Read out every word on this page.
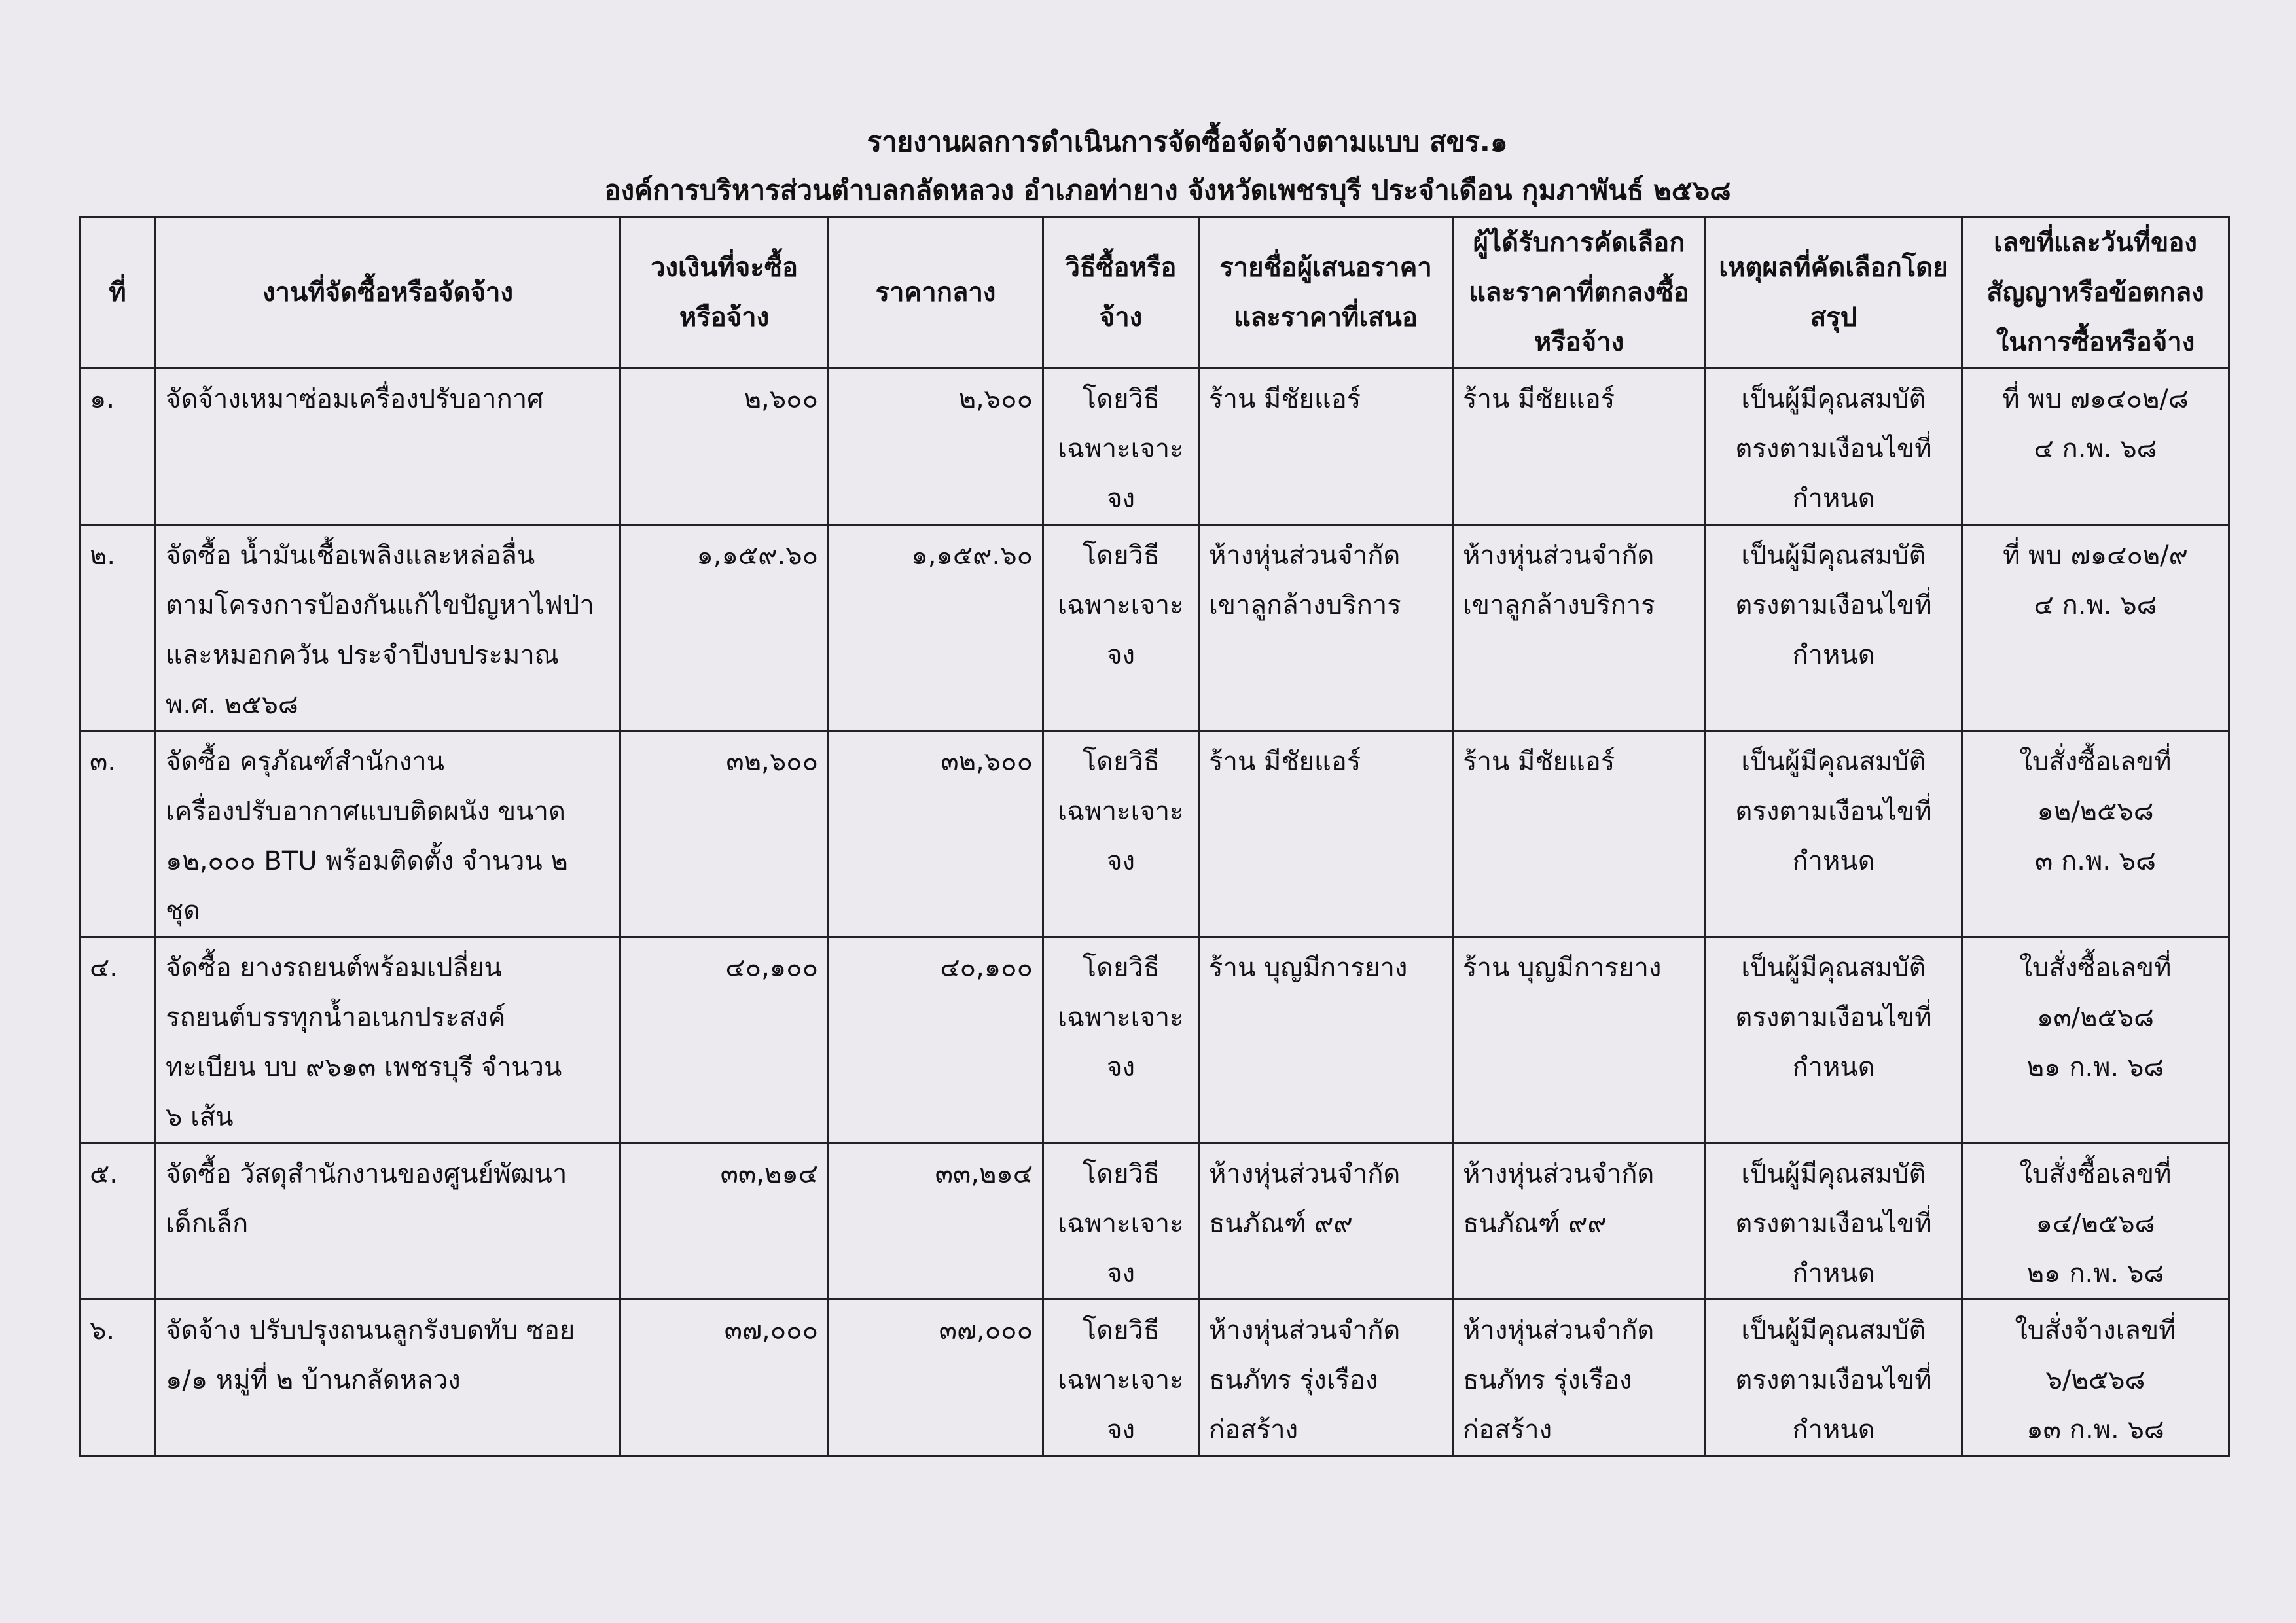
รายงานผลการดำเนินการจัดซื้อจัดจ้างตามแบบ สขร.๑
องค์การบริหารส่วนตำบลกลัดหลวง อำเภอท่ายาง จังหวัดเพชรบุรี ประจำเดือน กุมภาพันธ์ ๒๕๖๘
ที่	งานที่จัดซื้อหรือจัดจ้าง	วงเงินที่จะซื้อหรือจ้าง	ราคากลาง	วิธีซื้อหรือจ้าง	รายชื่อผู้เสนอราคาและราคาที่เสนอ	ผู้ได้รับการคัดเลือกและราคาที่ตกลงซื้อหรือจ้าง	เหตุผลที่คัดเลือกโดยสรุป	เลขที่และวันที่ของสัญญาหรือข้อตกลงในการซื้อหรือจ้าง
๑.	จัดจ้างเหมาซ่อมเครื่องปรับอากาศ	๒,๖๐๐	๒,๖๐๐	โดยวิธี
เฉพาะเจาะ
จง	ร้าน มีชัยแอร์	ร้าน มีชัยแอร์	เป็นผู้มีคุณสมบัติ
ตรงตามเงือนไขที่
กำหนด	ที่ พบ ๗๑๔๐๒/๘
๔ ก.พ. ๖๘

๒.	จัดซื้อ น้ำมันเชื้อเพลิงและหล่อลื่น
ตามโครงการป้องกันแก้ไขปัญหาไฟป่า
และหมอกควัน ประจำปีงบประมาณ
พ.ศ. ๒๕๖๘	๑,๑๕๙.๖๐	๑,๑๕๙.๖๐	โดยวิธี
เฉพาะเจาะ
จง	ห้างหุ่นส่วนจำกัด
เขาลูกล้างบริการ	ห้างหุ่นส่วนจำกัด
เขาลูกล้างบริการ	เป็นผู้มีคุณสมบัติ
ตรงตามเงือนไขที่
กำหนด	ที่ พบ ๗๑๔๐๒/๙
๔ ก.พ. ๖๘

๓.	จัดซื้อ ครุภัณฑ์สำนักงาน
เครื่องปรับอากาศแบบติดผนัง ขนาด
๑๒,๐๐๐ BTU พร้อมติดตั้ง จำนวน ๒
ชุด	๓๒,๖๐๐	๓๒,๖๐๐	โดยวิธี
เฉพาะเจาะ
จง	ร้าน มีชัยแอร์	ร้าน มีชัยแอร์	เป็นผู้มีคุณสมบัติ
ตรงตามเงือนไขที่
กำหนด	ใบสั่งซื้อเลขที่
๑๒/๒๕๖๘
๓ ก.พ. ๖๘

๔.	จัดซื้อ ยางรถยนต์พร้อมเปลี่ยน
รถยนต์บรรทุกน้ำอเนกประสงค์
ทะเบียน บบ ๙๖๑๓ เพชรบุรี จำนวน
๖ เส้น	๔๐,๑๐๐	๔๐,๑๐๐	โดยวิธี
เฉพาะเจาะ
จง	ร้าน บุญมีการยาง	ร้าน บุญมีการยาง	เป็นผู้มีคุณสมบัติ
ตรงตามเงือนไขที่
กำหนด	ใบสั่งซื้อเลขที่
๑๓/๒๕๖๘
๒๑ ก.พ. ๖๘

๕.	จัดซื้อ วัสดุสำนักงานของศูนย์พัฒนา
เด็กเล็ก	๓๓,๒๑๔	๓๓,๒๑๔	โดยวิธี
เฉพาะเจาะ
จง	ห้างหุ่นส่วนจำกัด
ธนภัณฑ์ ๙๙	ห้างหุ่นส่วนจำกัด
ธนภัณฑ์ ๙๙	เป็นผู้มีคุณสมบัติ
ตรงตามเงือนไขที่
กำหนด	ใบสั่งซื้อเลขที่
๑๔/๒๕๖๘
๒๑ ก.พ. ๖๘

๖.	จัดจ้าง ปรับปรุงถนนลูกรังบดทับ ซอย
๑/๑ หมู่ที่ ๒ บ้านกลัดหลวง	๓๗,๐๐๐	๓๗,๐๐๐	โดยวิธี
เฉพาะเจาะ
จง	ห้างหุ่นส่วนจำกัด
ธนภัทร รุ่งเรือง
ก่อสร้าง	ห้างหุ่นส่วนจำกัด
ธนภัทร รุ่งเรือง
ก่อสร้าง	เป็นผู้มีคุณสมบัติ
ตรงตามเงือนไขที่
กำหนด	ใบสั่งจ้างเลขที่
๖/๒๕๖๘
๑๓ ก.พ. ๖๘
